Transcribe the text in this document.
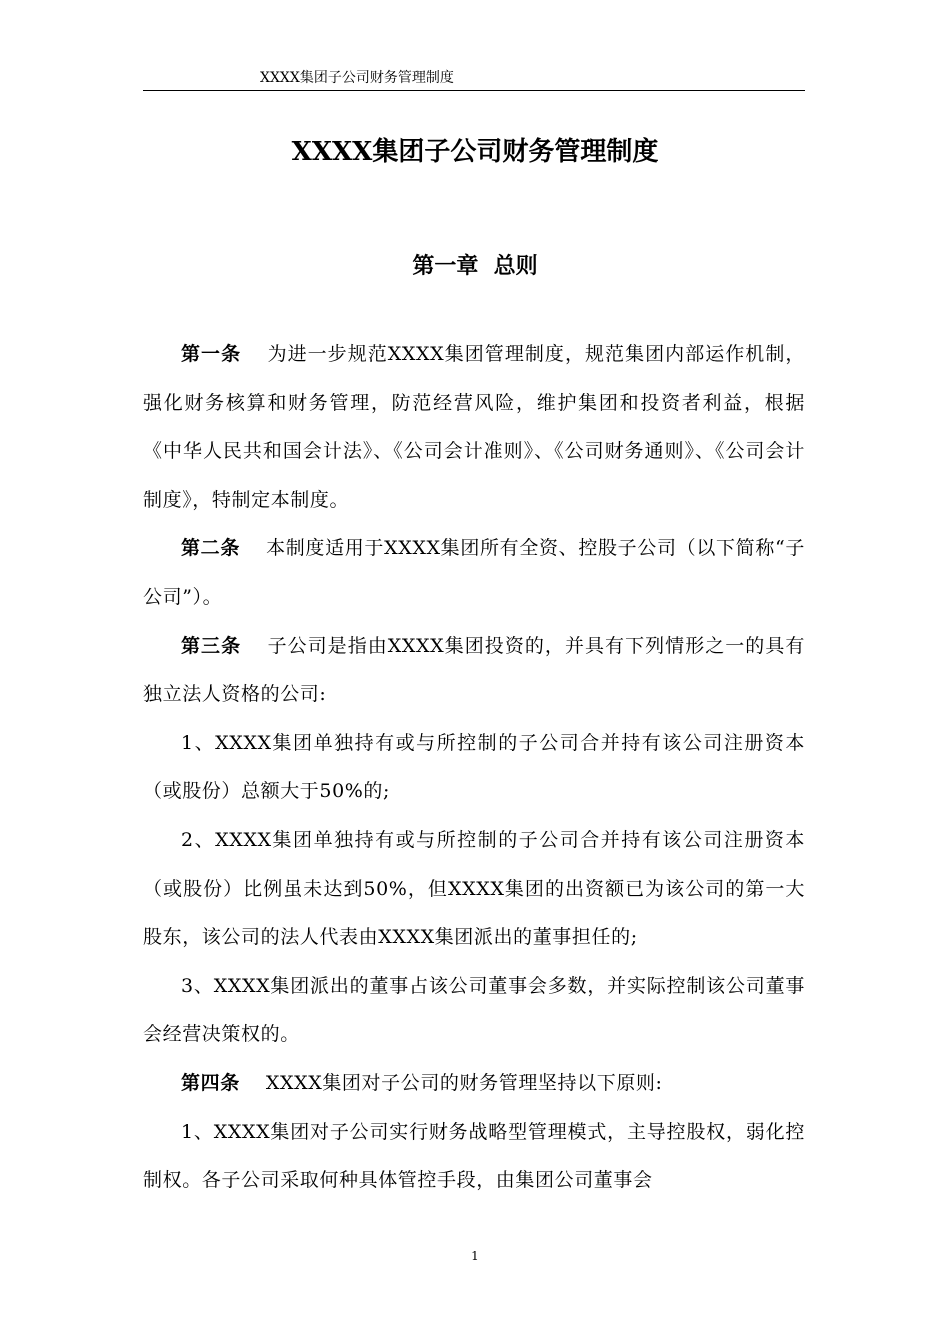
XXXX集团子公司财务管理制度
XXXX集团子公司财务管理制度
第一章  总则

第一条 为进一步规范XXXX集团管理制度，规范集团内部运作机制，强化财务核算和财务管理，防范经营风险，维护集团和投资者利益，根据《中华人民共和国会计法》、《公司会计准则》、《公司财务通则》、《公司会计制度》，特制定本制度。

第二条 本制度适用于XXXX集团所有全资、控股子公司（以下简称“子公司”）。

第三条 子公司是指由XXXX集团投资的，并具有下列情形之一的具有独立法人资格的公司:

1、XXXX集团单独持有或与所控制的子公司合并持有该公司注册资本（或股份）总额大于50%的;

2、XXXX集团单独持有或与所控制的子公司合并持有该公司注册资本（或股份）比例虽未达到50%，但XXXX集团的出资额已为该公司的第一大股东，该公司的法人代表由XXXX集团派出的董事担任的;

3、XXXX集团派出的董事占该公司董事会多数，并实际控制该公司董事会经营决策权的。

第四条 XXXX集团对子公司的财务管理坚持以下原则:

1、XXXX集团对子公司实行财务战略型管理模式，主导控股权，弱化控制权。各子公司采取何种具体管控手段，由集团公司董事会

1
